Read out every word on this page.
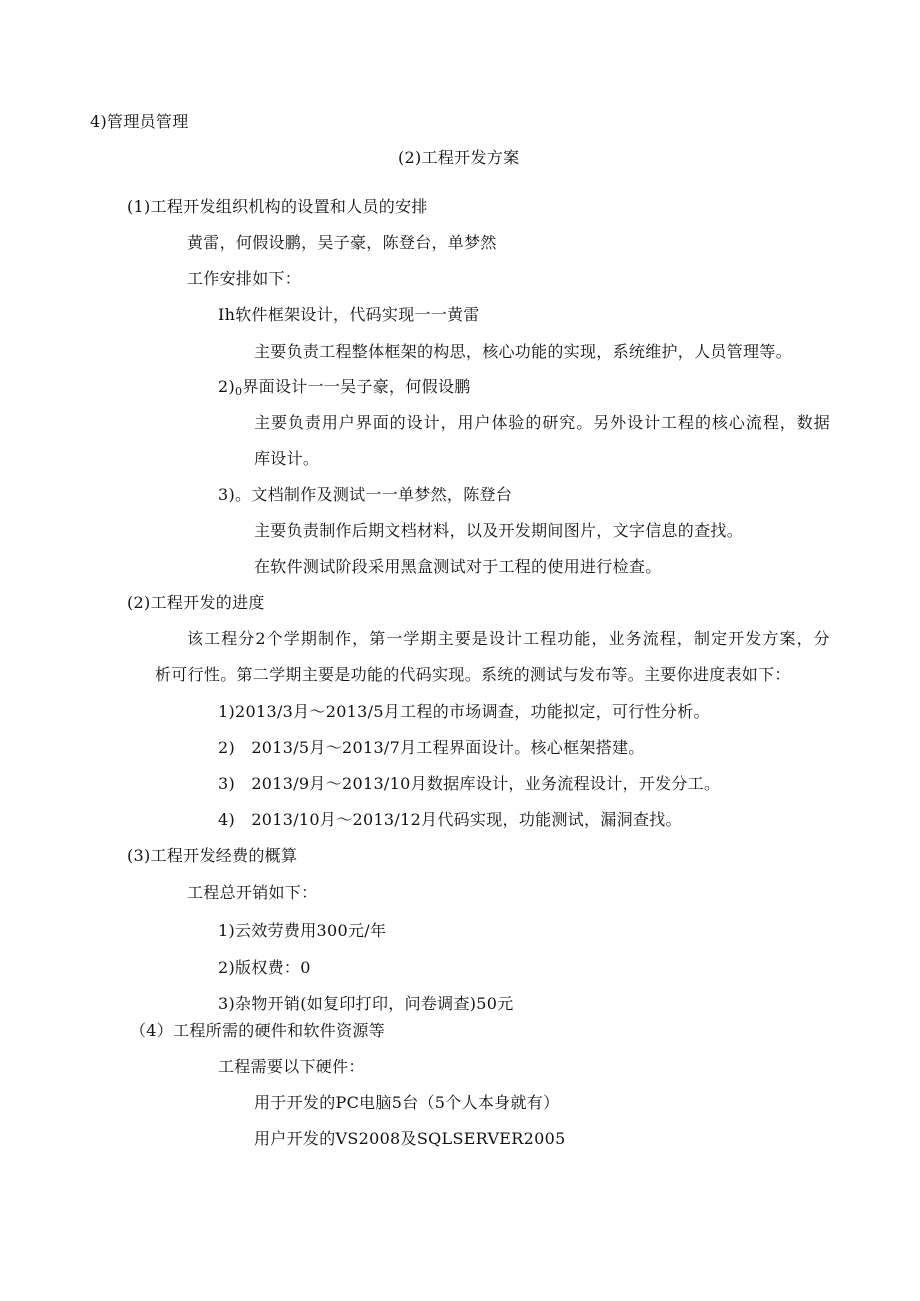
4)管理员管理
(2)工程开发方案
(1)工程开发组织机构的设置和人员的安排
黄雷，何假设鹏，吴子豪，陈登台，单梦然
工作安排如下：
Ih软件框架设计，代码实现一一黄雷
主要负责工程整体框架的构思，核心功能的实现，系统维护，人员管理等。
$2)_0$界面设计一一吴子豪，何假设鹏
主要负责用户界面的设计，用户体验的研究。另外设计工程的核心流程，数据
库设计。
3)。文档制作及测试一一单梦然，陈登台
主要负责制作后期文档材料，以及开发期间图片，文字信息的查找。
在软件测试阶段采用黑盒测试对于工程的使用进行检查。
(2)工程开发的进度
该工程分2个学期制作，第一学期主要是设计工程功能，业务流程，制定开发方案，分
析可行性。第二学期主要是功能的代码实现。系统的测试与发布等。主要你进度表如下：
1)2013/3月～2013/5月工程的市场调查，功能拟定，可行性分析。
2)　2013/5月～2013/7月工程界面设计。核心框架搭建。
3)　2013/9月～2013/10月数据库设计，业务流程设计，开发分工。
4)　2013/10月～2013/12月代码实现，功能测试，漏洞查找。
(3)工程开发经费的概算
工程总开销如下：
1)云效劳费用300元/年
2)版权费：0
3)杂物开销(如复印打印，问卷调查)50元
（4）工程所需的硬件和软件资源等
工程需要以下硬件：
用于开发的PC电脑5台（5个人本身就有）
用户开发的VS2008及SQLSERVER2005
